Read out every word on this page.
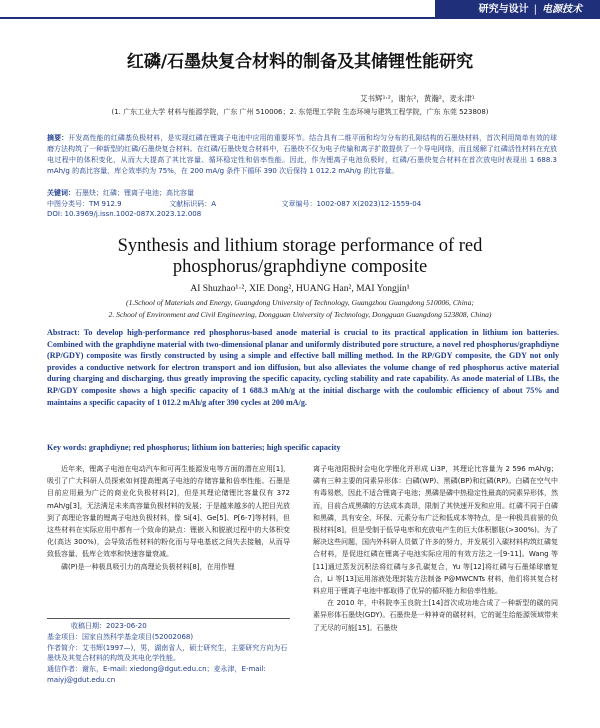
研究与设计 | 电源技术
红磷/石墨炔复合材料的制备及其储锂性能研究
艾书辉¹·²，谢东²，黄瀚²，麦永津¹
(1. 广东工业大学 材料与能源学院，广东 广州 510006；2. 东莞理工学院 生态环境与建筑工程学院，广东 东莞 523808)
摘要：开发高性能的红磷基负极材料，是实现红磷在锂离子电池中应用的重要环节。结合具有二维平面和均匀分布的孔隙结构的石墨炔材料，首次利用简单有效的球磨方法构筑了一种新型的红磷/石墨炔复合材料。在红磷/石墨炔复合材料中，石墨炔不仅为电子传输和离子扩散提供了一个导电网络，而且缓解了红磷活性材料在充放电过程中的体积变化，从而大大提高了其比容量、循环稳定性和倍率性能。因此，作为锂离子电池负极时，红磷/石墨炔复合材料在首次放电时表现出 1 688.3 mAh/g 的高比容量，库仑效率约为 75%，在 200 mA/g 条件下循环 390 次后保持 1 012.2 mAh/g 的比容量。
关键词：石墨炔；红磷；锂离子电池；高比容量
中图分类号：TM 912.9	文献标识码：A	文章编号：1002-087 X(2023)12-1559-04
DOI: 10.3969/j.issn.1002-087X.2023.12.008
Synthesis and lithium storage performance of red
phosphorus/graphdiyne composite
AI Shuzhao¹·², XIE Dong², HUANG Han², MAI Yongjin¹
(1.School of Materials and Energy, Guangdong University of Technology, Guangzhou Guangdong 510006, China;
2. School of Environment and Civil Engineering, Dongguan University of Technology, Dongguan Guangdong 523808, China)
Abstract: To develop high-performance red phosphorus-based anode material is crucial to its practical application in lithium ion batteries. Combined with the graphdiyne material with two-dimensional planar and uniformly distributed pore structure, a novel red phosphorus/graphdiyne (RP/GDY) composite was firstly constructed by using a simple and effective ball milling method. In the RP/GDY composite, the GDY not only provides a conductive network for electron transport and ion diffusion, but also alleviates the volume change of red phosphorus active material during charging and discharging, thus greatly improving the specific capacity, cycling stability and rate capability. As anode material of LIBs, the RP/GDY composite shows a high specific capacity of 1 688.3 mAh/g at the initial discharge with the coulombic efficiency of about 75% and maintains a specific capacity of 1 012.2 mAh/g after 390 cycles at 200 mA/g.
Key words: graphdiyne; red phosphorus; lithium ion batteries; high specific capacity

近年来，锂离子电池在电动汽车和可再生能源发电等方面的潜在应用[1]，吸引了广大科研人员探索如何提高锂离子电池的存储容量和倍率性能。石墨是目前应用最为广泛的商业化负极材料[2]，但是其理论储锂比容量仅有 372 mAh/g[3]，无法满足未来高容量负极材料的发展；于是越来越多的人把目光放到了高理论容量的锂离子电池负极材料，像 Si[4]、Ge[5]、P[6-7]等材料，但这些材料在实际应用中都有一个致命的缺点：锂嵌入和脱嵌过程中的大体积变化(高达 300%)，会导致活性材料的粉化而与导电基底之间失去接触，从而导致低容量、低库仑效率和快速容量衰减。

磷(P)是一种极具吸引力的高理论负极材料[8]，在用作锂

离子电池阳极时会电化学锂化并形成 Li3P，其理论比容量为 2 596 mAh/g；磷有三种主要的同素异形体：白磷(WP)、黑磷(BP)和红磷(RP)。白磷在空气中有毒易燃，因此不适合锂离子电池；黑磷是磷中热稳定性最高的同素异形体，然而，目前合成黑磷的方法成本高昂，限制了其快速开发和应用。红磷不同于白磷和黑磷，具有安全、环保、元素分布广泛和低成本等特点，是一种极具前景的负极材料[8]，但是受制于低导电率和充放电产生的巨大体积膨胀(>300%)。为了解决这些问题，国内外科研人员做了许多的努力，并发展引入碳材料构筑红磷复合材料，是促进红磷在锂离子电池实际应用的有效方法之一[9-11]。Wang 等[11]通过蒸发沉积法将红磷与多孔碳复合，Yu 等[12]将红磷与石墨烯球磨复合，Li 等[13]运用溶液处理封装方法制备 P@MWCNTs 材料，他们将其复合材料应用于锂离子电池中都取得了优异的循环能力和倍率性能。

在 2010 年，中科院李玉良院士[14]首次成功地合成了一种新型的碳的同素异形体石墨炔(GDY)。石墨炔是一种神奇的碳材料，它的诞生给能源领域带来了无尽的可能[15]。石墨炔

收稿日期：2023-06-20
基金项目：国家自然科学基金项目(52002068)
作者简介：艾书辉(1997—)，男，湖南省人，硕士研究生，主要研究方向为石墨炔及其复合材料的构筑及其电化学性能。
通信作者：谢东，E-mail: xiedong@dgut.edu.cn；麦永津，E-mail: maiyj@gdut.edu.cn
